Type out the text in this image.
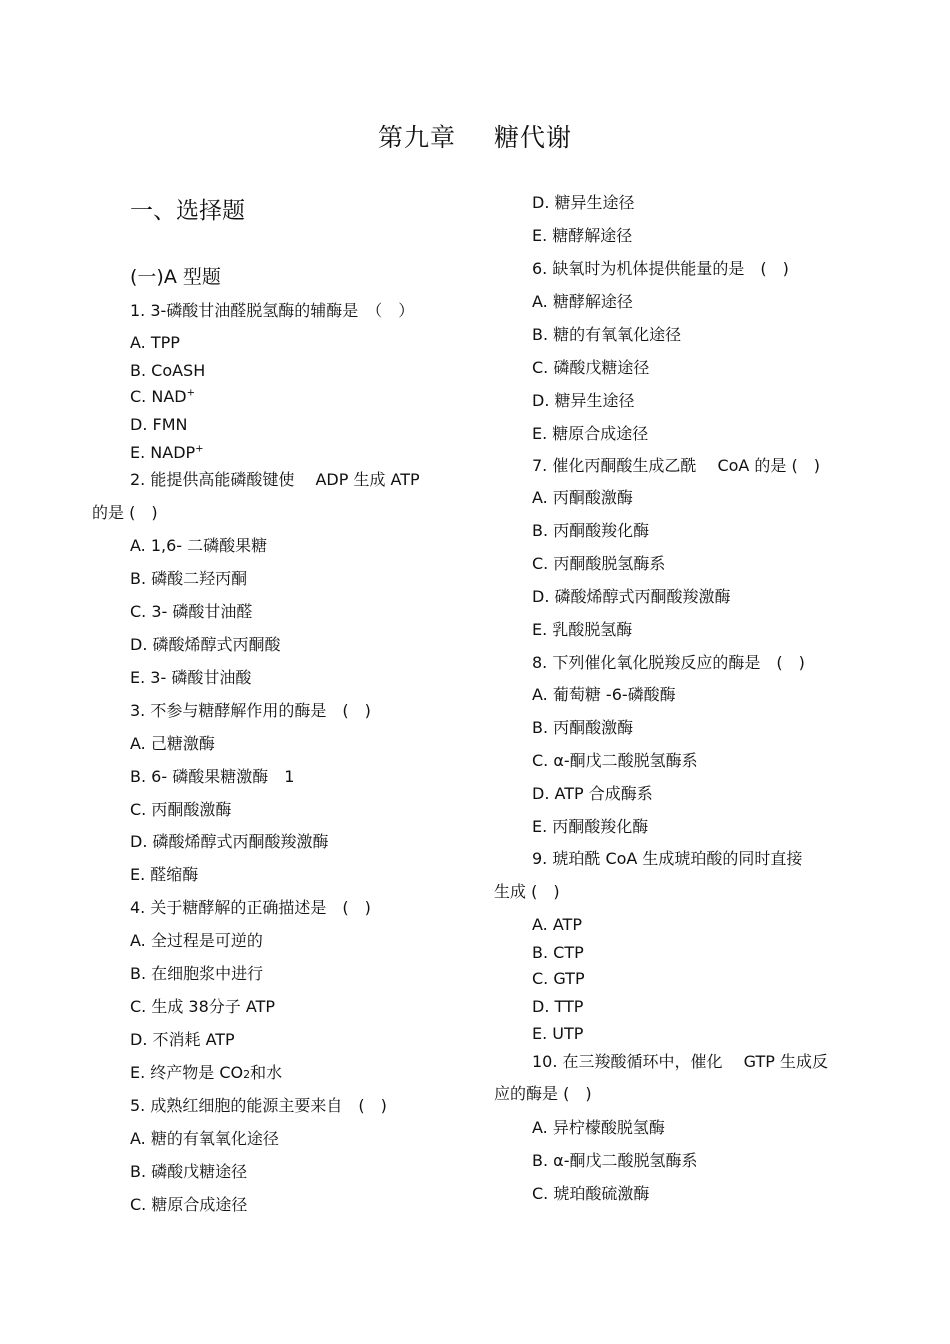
第九章 糖代谢
一、选择题
(一)A 型题
1. 3-磷酸甘油醛脱氢酶的辅酶是　（　）
A. TPP
B. CoASH
C. NAD+
D. FMN
E. NADP+
2. 能提供高能磷酸键使　 ADP 生成 ATP
的是 (　)
A. 1,6- 二磷酸果糖
B. 磷酸二羟丙酮
C. 3- 磷酸甘油醛
D. 磷酸烯醇式丙酮酸
E. 3- 磷酸甘油酸
3. 不参与糖酵解作用的酶是　(　)
A. 己糖激酶
B. 6- 磷酸果糖激酶　1
C. 丙酮酸激酶
D. 磷酸烯醇式丙酮酸羧激酶
E. 醛缩酶
4. 关于糖酵解的正确描述是　(　)
A. 全过程是可逆的
B. 在细胞浆中进行
C. 生成 38分子 ATP
D. 不消耗 ATP
E. 终产物是 CO2和水
5. 成熟红细胞的能源主要来自　(　)
A. 糖的有氧氧化途径
B. 磷酸戊糖途径
C. 糖原合成途径
D. 糖异生途径
E. 糖酵解途径
6. 缺氧时为机体提供能量的是　(　)
A. 糖酵解途径
B. 糖的有氧氧化途径
C. 磷酸戊糖途径
D. 糖异生途径
E. 糖原合成途径
7. 催化丙酮酸生成乙酰　 CoA 的是 (　)
A. 丙酮酸激酶
B. 丙酮酸羧化酶
C. 丙酮酸脱氢酶系
D. 磷酸烯醇式丙酮酸羧激酶
E. 乳酸脱氢酶
8. 下列催化氧化脱羧反应的酶是　(　)
A. 葡萄糖 -6-磷酸酶
B. 丙酮酸激酶
C. α-酮戊二酸脱氢酶系
D. ATP 合成酶系
E. 丙酮酸羧化酶
9. 琥珀酰 CoA 生成琥珀酸的同时直接
生成 (　)
A. ATP
B. CTP
C. GTP
D. TTP
E. UTP
10. 在三羧酸循环中，催化　 GTP 生成反
应的酶是 (　)
A. 异柠檬酸脱氢酶
B. α-酮戊二酸脱氢酶系
C. 琥珀酸硫激酶
